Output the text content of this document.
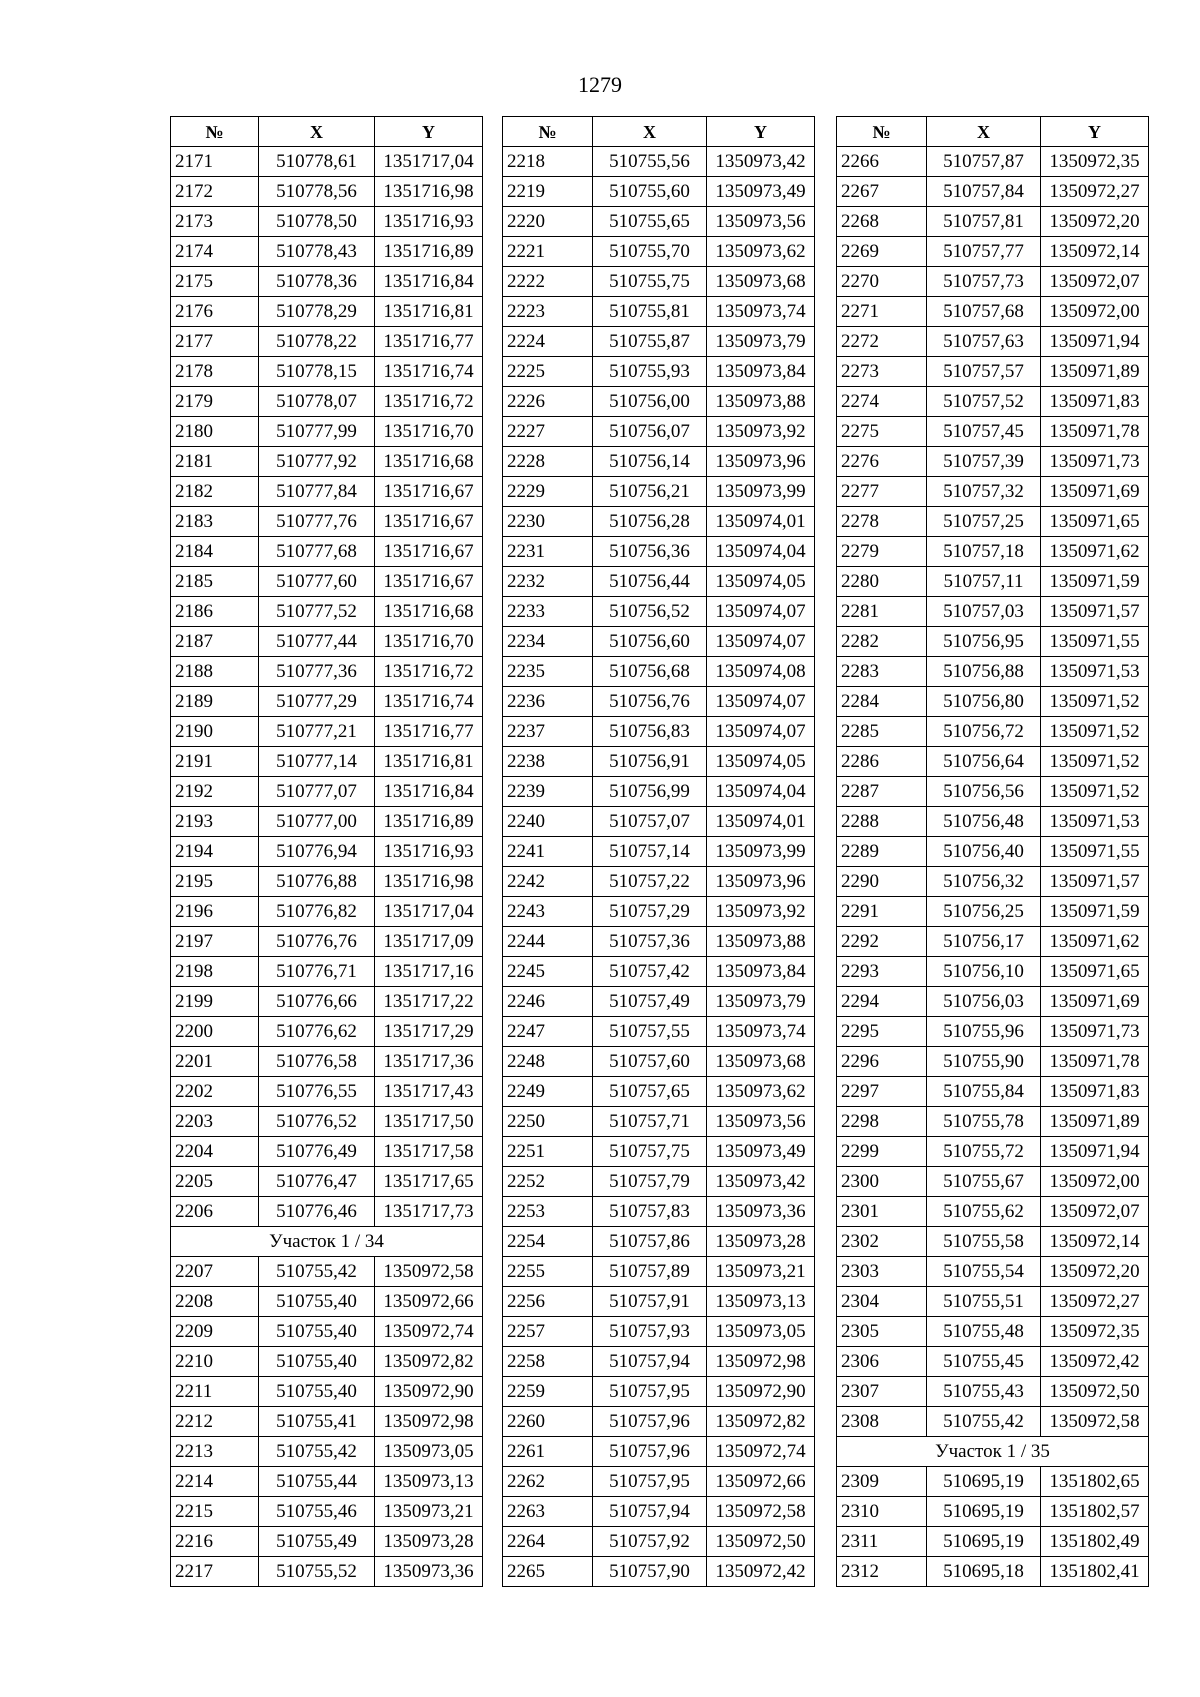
1279
№	X	Y
2171	510778,61	1351717,04
2172	510778,56	1351716,98
2173	510778,50	1351716,93
2174	510778,43	1351716,89
2175	510778,36	1351716,84
2176	510778,29	1351716,81
2177	510778,22	1351716,77
2178	510778,15	1351716,74
2179	510778,07	1351716,72
2180	510777,99	1351716,70
2181	510777,92	1351716,68
2182	510777,84	1351716,67
2183	510777,76	1351716,67
2184	510777,68	1351716,67
2185	510777,60	1351716,67
2186	510777,52	1351716,68
2187	510777,44	1351716,70
2188	510777,36	1351716,72
2189	510777,29	1351716,74
2190	510777,21	1351716,77
2191	510777,14	1351716,81
2192	510777,07	1351716,84
2193	510777,00	1351716,89
2194	510776,94	1351716,93
2195	510776,88	1351716,98
2196	510776,82	1351717,04
2197	510776,76	1351717,09
2198	510776,71	1351717,16
2199	510776,66	1351717,22
2200	510776,62	1351717,29
2201	510776,58	1351717,36
2202	510776,55	1351717,43
2203	510776,52	1351717,50
2204	510776,49	1351717,58
2205	510776,47	1351717,65
2206	510776,46	1351717,73
Участок 1 / 34		
2207	510755,42	1350972,58
2208	510755,40	1350972,66
2209	510755,40	1350972,74
2210	510755,40	1350972,82
2211	510755,40	1350972,90
2212	510755,41	1350972,98
2213	510755,42	1350973,05
2214	510755,44	1350973,13
2215	510755,46	1350973,21
2216	510755,49	1350973,28
2217	510755,52	1350973,36
№	X	Y
2218	510755,56	1350973,42
2219	510755,60	1350973,49
2220	510755,65	1350973,56
2221	510755,70	1350973,62
2222	510755,75	1350973,68
2223	510755,81	1350973,74
2224	510755,87	1350973,79
2225	510755,93	1350973,84
2226	510756,00	1350973,88
2227	510756,07	1350973,92
2228	510756,14	1350973,96
2229	510756,21	1350973,99
2230	510756,28	1350974,01
2231	510756,36	1350974,04
2232	510756,44	1350974,05
2233	510756,52	1350974,07
2234	510756,60	1350974,07
2235	510756,68	1350974,08
2236	510756,76	1350974,07
2237	510756,83	1350974,07
2238	510756,91	1350974,05
2239	510756,99	1350974,04
2240	510757,07	1350974,01
2241	510757,14	1350973,99
2242	510757,22	1350973,96
2243	510757,29	1350973,92
2244	510757,36	1350973,88
2245	510757,42	1350973,84
2246	510757,49	1350973,79
2247	510757,55	1350973,74
2248	510757,60	1350973,68
2249	510757,65	1350973,62
2250	510757,71	1350973,56
2251	510757,75	1350973,49
2252	510757,79	1350973,42
2253	510757,83	1350973,36
2254	510757,86	1350973,28
2255	510757,89	1350973,21
2256	510757,91	1350973,13
2257	510757,93	1350973,05
2258	510757,94	1350972,98
2259	510757,95	1350972,90
2260	510757,96	1350972,82
2261	510757,96	1350972,74
2262	510757,95	1350972,66
2263	510757,94	1350972,58
2264	510757,92	1350972,50
2265	510757,90	1350972,42
№	X	Y
2266	510757,87	1350972,35
2267	510757,84	1350972,27
2268	510757,81	1350972,20
2269	510757,77	1350972,14
2270	510757,73	1350972,07
2271	510757,68	1350972,00
2272	510757,63	1350971,94
2273	510757,57	1350971,89
2274	510757,52	1350971,83
2275	510757,45	1350971,78
2276	510757,39	1350971,73
2277	510757,32	1350971,69
2278	510757,25	1350971,65
2279	510757,18	1350971,62
2280	510757,11	1350971,59
2281	510757,03	1350971,57
2282	510756,95	1350971,55
2283	510756,88	1350971,53
2284	510756,80	1350971,52
2285	510756,72	1350971,52
2286	510756,64	1350971,52
2287	510756,56	1350971,52
2288	510756,48	1350971,53
2289	510756,40	1350971,55
2290	510756,32	1350971,57
2291	510756,25	1350971,59
2292	510756,17	1350971,62
2293	510756,10	1350971,65
2294	510756,03	1350971,69
2295	510755,96	1350971,73
2296	510755,90	1350971,78
2297	510755,84	1350971,83
2298	510755,78	1350971,89
2299	510755,72	1350971,94
2300	510755,67	1350972,00
2301	510755,62	1350972,07
2302	510755,58	1350972,14
2303	510755,54	1350972,20
2304	510755,51	1350972,27
2305	510755,48	1350972,35
2306	510755,45	1350972,42
2307	510755,43	1350972,50
2308	510755,42	1350972,58
Участок 1 / 35		
2309	510695,19	1351802,65
2310	510695,19	1351802,57
2311	510695,19	1351802,49
2312	510695,18	1351802,41
